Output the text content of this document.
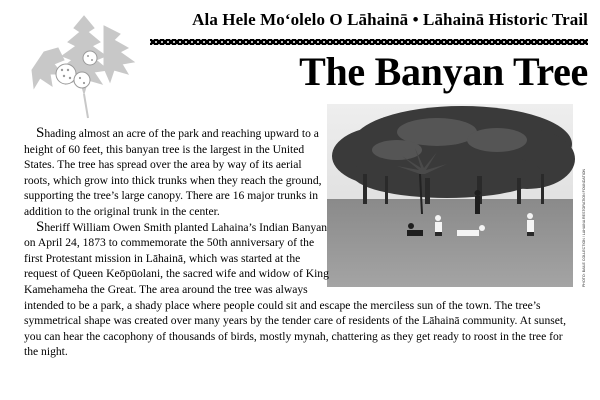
Ala Hele Moʻolelo O Lāhainā • Lāhainā Historic Trail
The Banyan Tree
PHOTO: BAILE COLLECTION / LAHAINA RESTORATION FOUNDATION

Shading almost an acre of the park and reaching upward to a height of 60 feet, this banyan tree is the largest in the United States. The tree has spread over the area by way of its aerial roots, which grow into thick trunks when they reach the ground, supporting the tree’s large canopy. There are 16 major trunks in addition to the original trunk in the center.

Sheriff William Owen Smith planted Lahaina’s Indian Banyan on April 24, 1873 to commemorate the 50th anniversary of the first Protestant mission in Lāhainā, which was started at the request of Queen Keōpūolani, the sacred wife and widow of King Kamehameha the Great. The area around the tree was always intended to be a park, a shady place where people could sit and escape the merciless sun of the town. The tree’s symmetrical shape was created over many years by the tender care of residents of the Lāhainā community. At sunset, you can hear the cacophony of thousands of birds, mostly mynah, chattering as they get ready to roost in the tree for the night.
